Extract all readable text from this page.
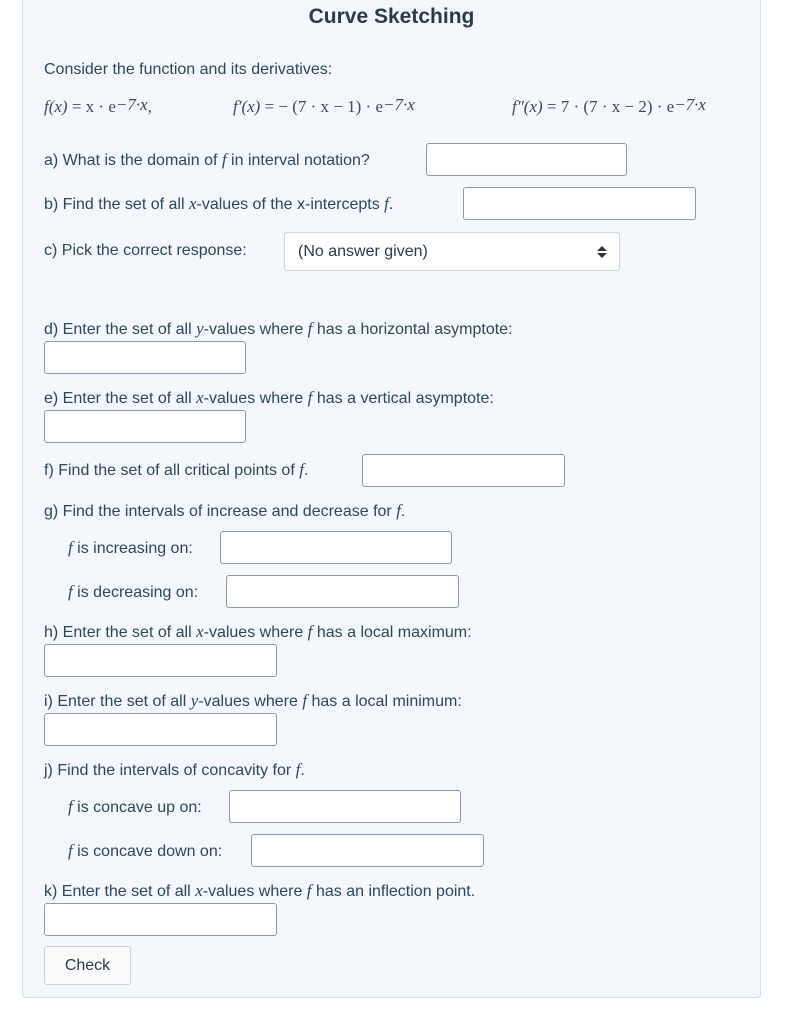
Curve Sketching
Consider the function and its derivatives:
$f(x) = x \cdot e^{-7\cdot x}$,	f′(x) = − $(7 \cdot x - 1) \cdot e^{-7\cdot x}$	$f''(x) = 7 \cdot (7 \cdot x - 2) \cdot e^{-7\cdot x}$
a) What is the domain of f in interval notation?
b) Find the set of all x-values of the x-intercepts f.
c) Pick the correct response:	(No answer given)
d) Enter the set of all y-values where f has a horizontal asymptote:
e) Enter the set of all x-values where f has a vertical asymptote:
f) Find the set of all critical points of f.
g) Find the intervals of increase and decrease for f.
f is increasing on:
f is decreasing on:
h) Enter the set of all x-values where f has a local maximum:
i) Enter the set of all y-values where f has a local minimum:
j) Find the intervals of concavity for f.
f is concave up on:
f is concave down on:
k) Enter the set of all x-values where f has an inflection point.
Check
